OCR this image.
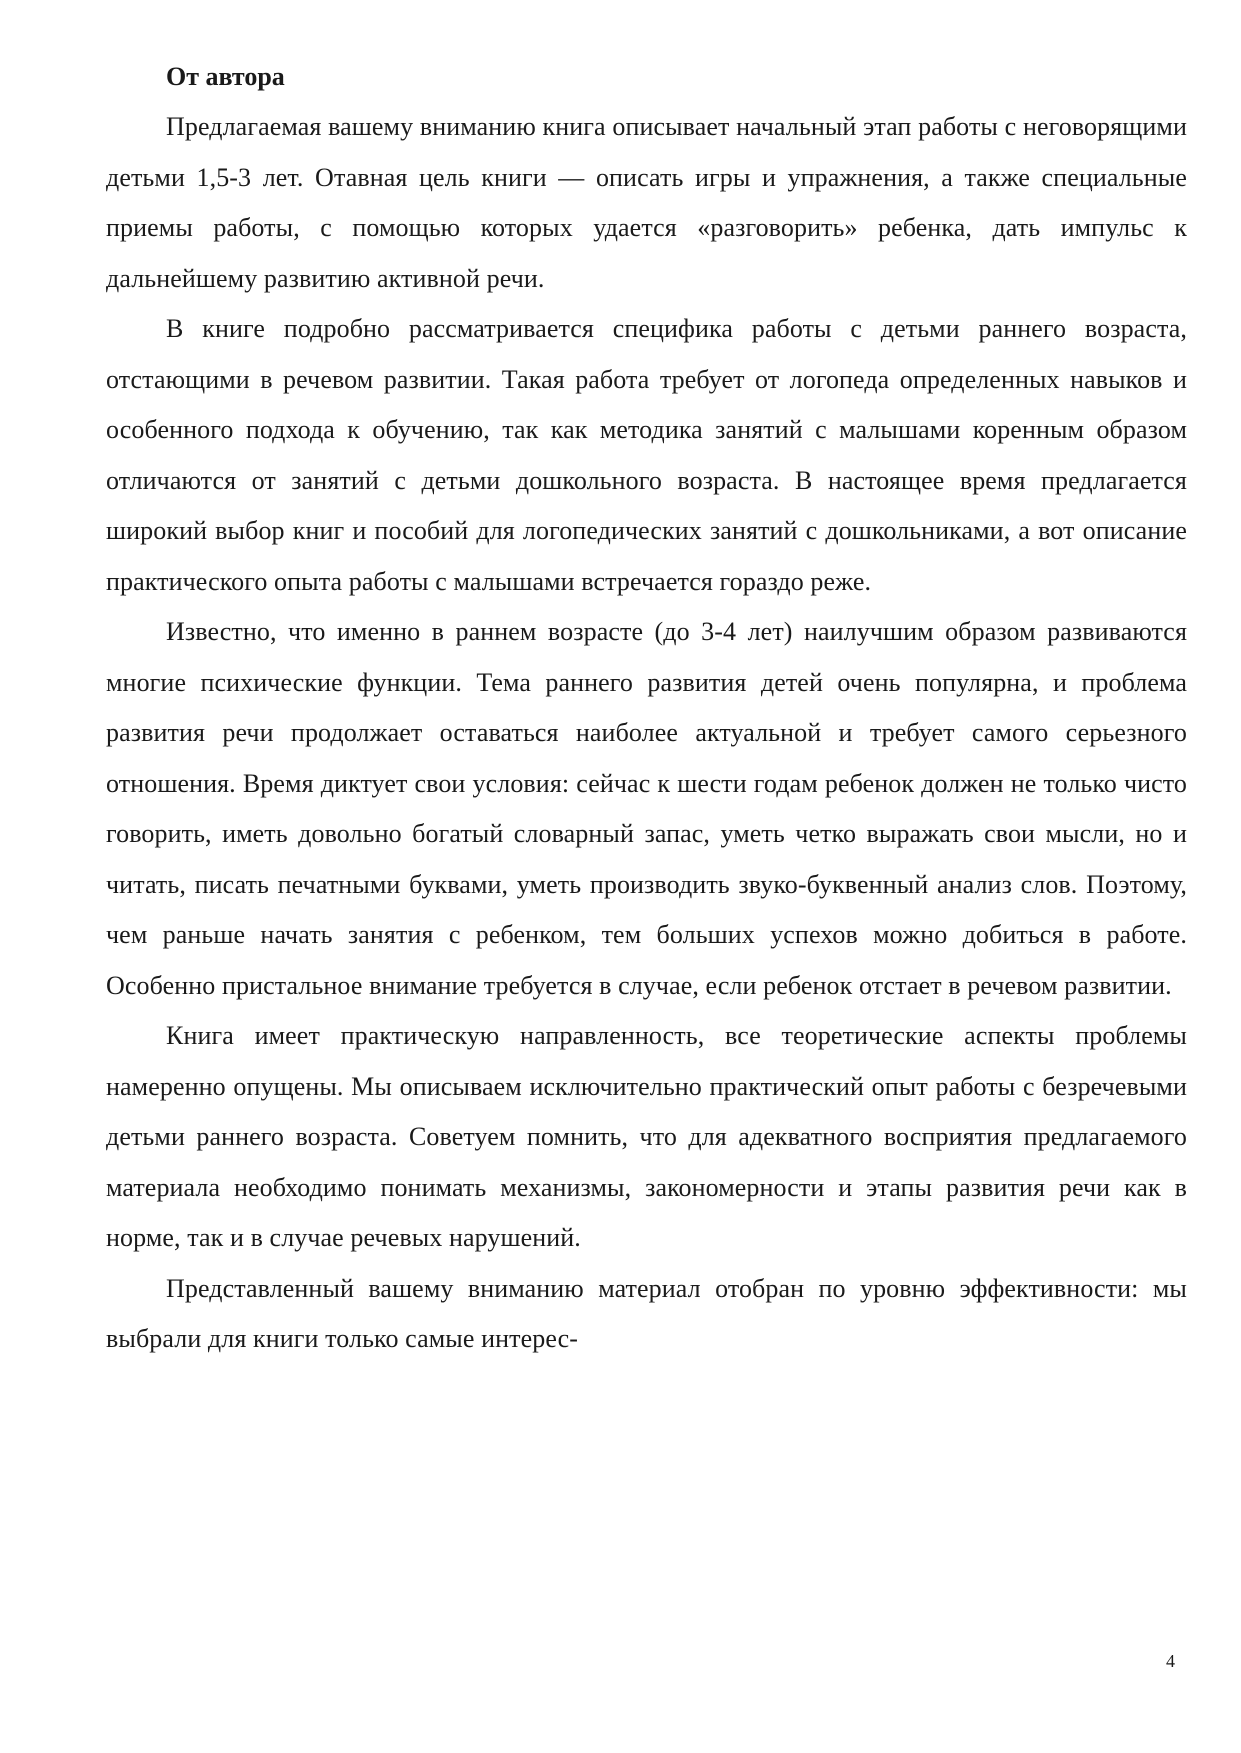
От автора

Предлагаемая вашему вниманию книга описывает начальный этап работы с неговорящими детьми 1,5-3 лет. Отавная цель книги — описать игры и упражнения, а также специальные приемы работы, с помощью которых удается «разговорить» ребенка, дать импульс к дальнейшему развитию активной речи.

В книге подробно рассматривается специфика работы с детьми раннего возраста, отстающими в речевом развитии. Такая работа требует от логопеда определенных навыков и особенного подхода к обучению, так как методика занятий с малышами коренным образом отличаются от занятий с детьми дошкольного возраста. В настоящее время предлагается широкий выбор книг и пособий для логопедических занятий с дошкольниками, а вот описание практического опыта работы с малышами встречается гораздо реже.

Известно, что именно в раннем возрасте (до 3-4 лет) наилучшим образом развиваются многие психические функции. Тема раннего развития детей очень популярна, и проблема развития речи продолжает оставаться наиболее актуальной и требует самого серьезного отношения. Время диктует свои условия: сейчас к шести годам ребенок должен не только чисто говорить, иметь довольно богатый словарный запас, уметь четко выражать свои мысли, но и читать, писать печатными буквами, уметь производить звуко-буквенный анализ слов. Поэтому, чем раньше начать занятия с ребенком, тем больших успехов можно добиться в работе. Особенно пристальное внимание требуется в случае, если ребенок отстает в речевом развитии.

Книга имеет практическую направленность, все теоретические аспекты проблемы намеренно опущены. Мы описываем исключительно практический опыт работы с безречевыми детьми раннего возраста. Советуем помнить, что для адекватного восприятия предлагаемого материала необходимо понимать механизмы, закономерности и этапы развития речи как в норме, так и в случае речевых нарушений.

Представленный вашему вниманию материал отобран по уровню эффективности: мы выбрали для книги только самые интерес-

4
